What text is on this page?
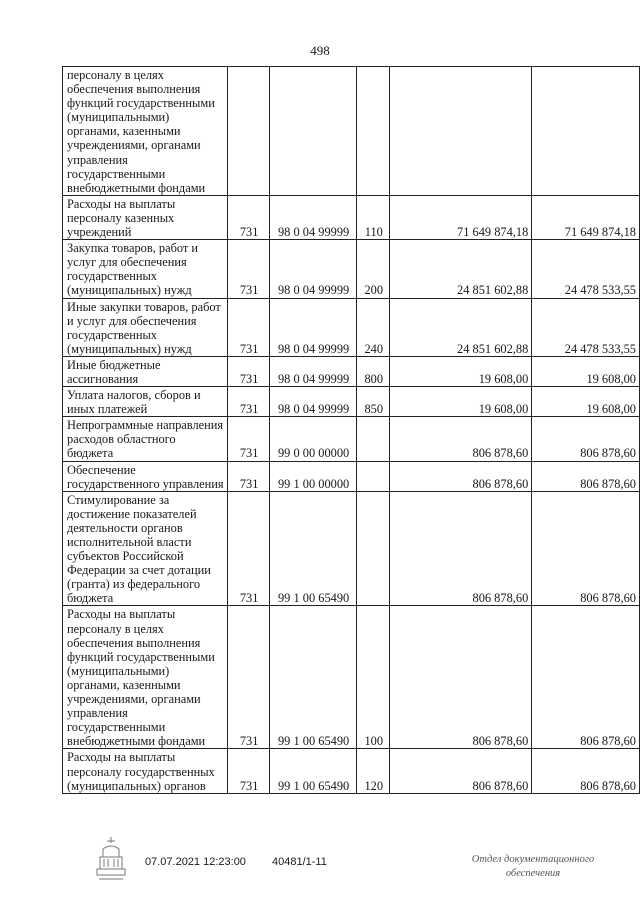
498
персоналу в целях обеспечения выполнения функций государственными (муниципальными) органами, казенными учреждениями, органами управления государственными внебюджетными фондами					
Расходы на выплаты персоналу казенных учреждений	731	98 0 04 99999	110	71 649 874,18	71 649 874,18
Закупка товаров, работ и услуг для обеспечения государственных (муниципальных) нужд	731	98 0 04 99999	200	24 851 602,88	24 478 533,55
Иные закупки товаров, работ и услуг для обеспечения государственных (муниципальных) нужд	731	98 0 04 99999	240	24 851 602,88	24 478 533,55
Иные бюджетные ассигнования	731	98 0 04 99999	800	19 608,00	19 608,00
Уплата налогов, сборов и иных платежей	731	98 0 04 99999	850	19 608,00	19 608,00
Непрограммные направления расходов областного бюджета	731	99 0 00 00000		806 878,60	806 878,60
Обеспечение государственного управления	731	99 1 00 00000		806 878,60	806 878,60
Стимулирование за достижение показателей деятельности органов исполнительной власти субъектов Российской Федерации за счет дотации (гранта) из федерального бюджета	731	99 1 00 65490		806 878,60	806 878,60
Расходы на выплаты персоналу в целях обеспечения выполнения функций государственными (муниципальными) органами, казенными учреждениями, органами управления государственными внебюджетными фондами	731	99 1 00 65490	100	806 878,60	806 878,60
Расходы на выплаты персоналу государственных (муниципальных) органов	731	99 1 00 65490	120	806 878,60	806 878,60
07.07.2021 12:23:00 40481/1-11	Отдел документационного обеспечения
